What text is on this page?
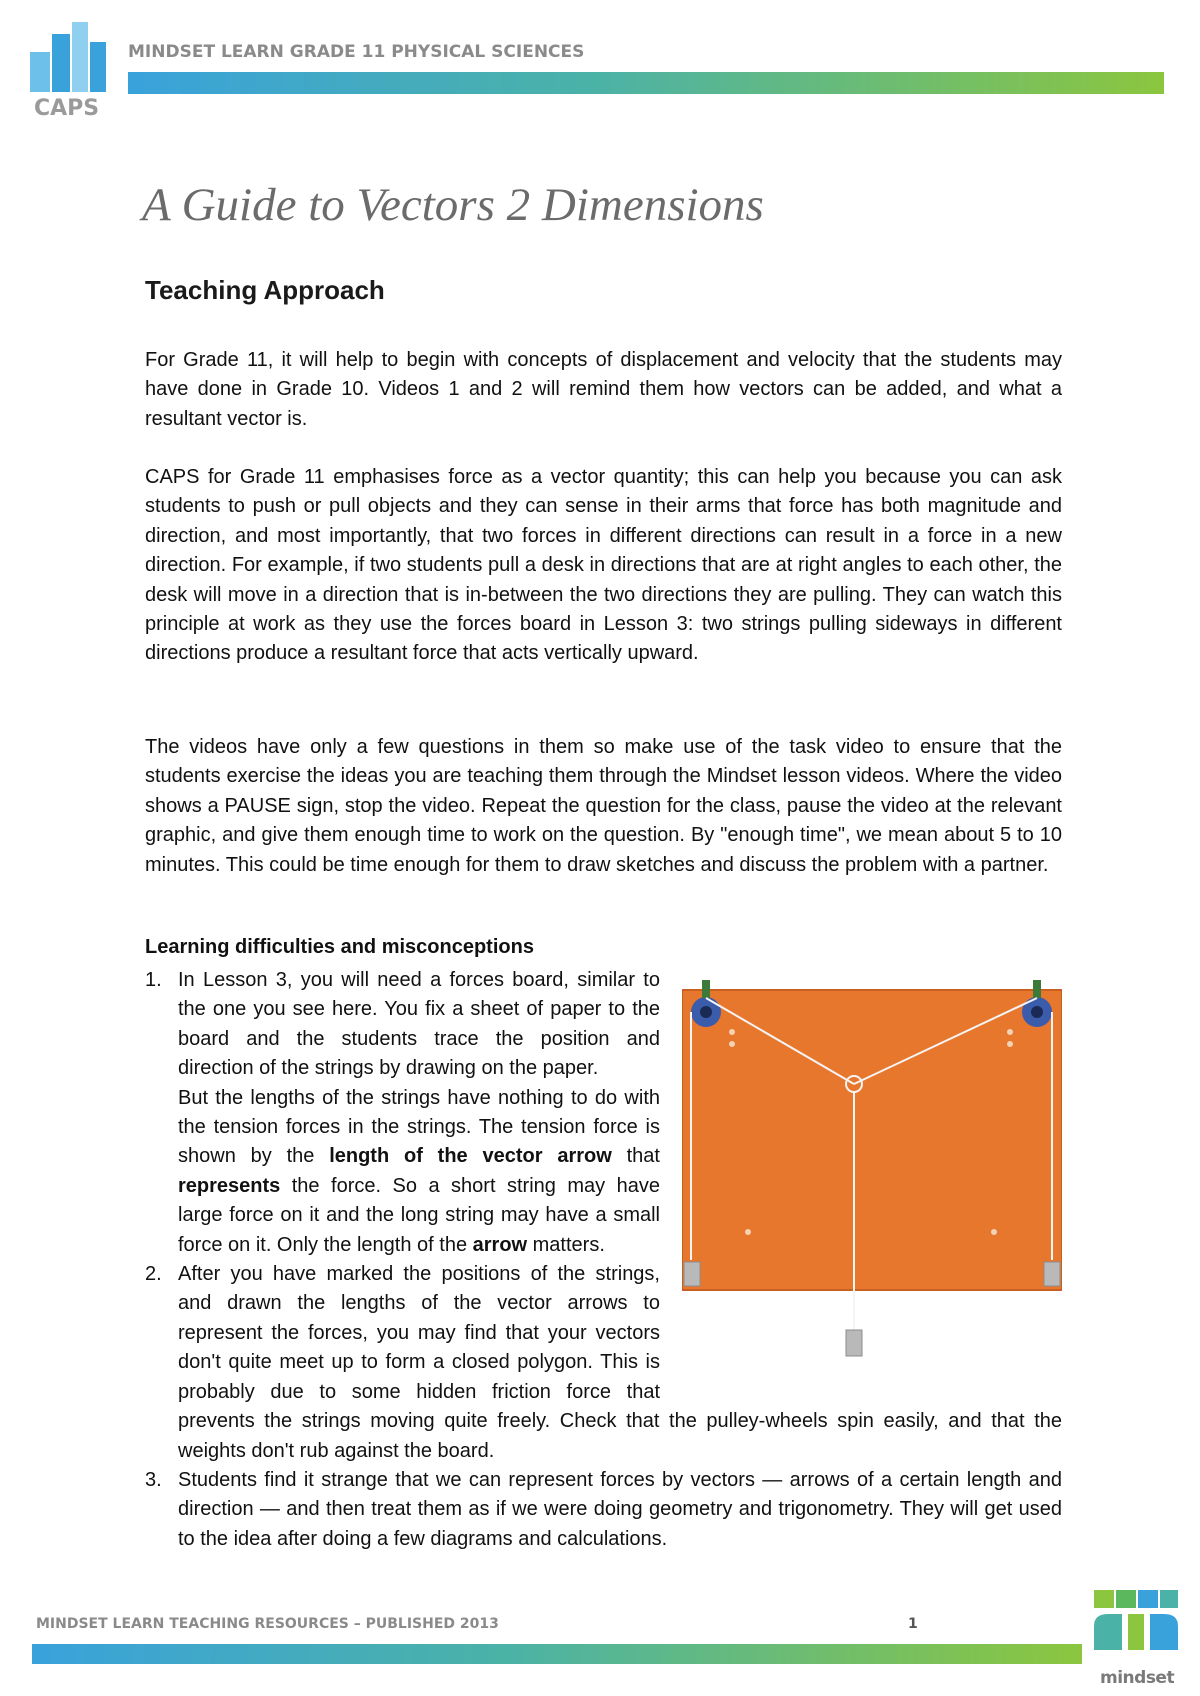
CAPS
MINDSET LEARN GRADE 11 PHYSICAL SCIENCES
A Guide to Vectors 2 Dimensions
Teaching Approach

For Grade 11, it will help to begin with concepts of displacement and velocity that the students may have done in Grade 10. Videos 1 and 2 will remind them how vectors can be added, and what a resultant vector is.

CAPS for Grade 11 emphasises force as a vector quantity; this can help you because you can ask students to push or pull objects and they can sense in their arms that force has both magnitude and direction, and most importantly, that two forces in different directions can result in a force in a new direction. For example, if two students pull a desk in directions that are at right angles to each other, the desk will move in a direction that is in-between the two directions they are pulling. They can watch this principle at work as they use the forces board in Lesson 3: two strings pulling sideways in different directions produce a resultant force that acts vertically upward.

The videos have only a few questions in them so make use of the task video to ensure that the students exercise the ideas you are teaching them through the Mindset lesson videos. Where the video shows a PAUSE sign, stop the video. Repeat the question for the class, pause the video at the relevant graphic, and give them enough time to work on the question. By "enough time", we mean about 5 to 10 minutes. This could be time enough for them to draw sketches and discuss the problem with a partner.

Learning difficulties and misconceptions

1. In Lesson 3, you will need a forces board, similar to the one you see here. You fix a sheet of paper to the board and the students trace the position and direction of the strings by drawing on the paper.
But the lengths of the strings have nothing to do with the tension forces in the strings. The tension force is shown by the length of the vector arrow that represents the force. So a short string may have large force on it and the long string may have a small force on it. Only the length of the arrow matters.
2. After you have marked the positions of the strings, and drawn the lengths of the vector arrows to represent the forces, you may find that your vectors don't quite meet up to form a closed polygon. This is probably due to some hidden friction force that prevents the strings moving quite freely. Check that the pulley-wheels spin easily, and that the weights don't rub against the board.
3. Students find it strange that we can represent forces by vectors — arrows of a certain length and direction — and then treat them as if we were doing geometry and trigonometry. They will get used to the idea after doing a few diagrams and calculations.
MINDSET LEARN TEACHING RESOURCES – PUBLISHED 2013	1
mindset
